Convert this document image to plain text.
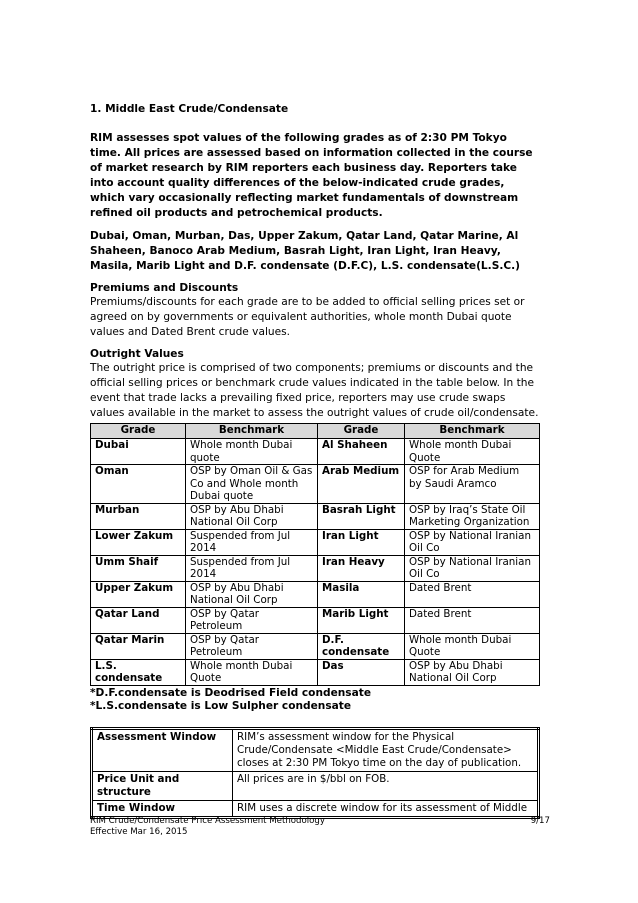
1. Middle East Crude/Condensate

RIM assesses spot values of the following grades as of 2:30 PM Tokyo time. All prices are assessed based on information collected in the course of market research by RIM reporters each business day. Reporters take into account quality differences of the below-indicated crude grades, which vary occasionally reflecting market fundamentals of downstream refined oil products and petrochemical products.

Dubai, Oman, Murban, Das, Upper Zakum, Qatar Land, Qatar Marine, Al Shaheen, Banoco Arab Medium, Basrah Light, Iran Light, Iran Heavy, Masila, Marib Light and D.F. condensate (D.F.C), L.S. condensate(L.S.C.)

Premiums and Discounts

Premiums/discounts for each grade are to be added to official selling prices set or agreed on by governments or equivalent authorities, whole month Dubai quote values and Dated Brent crude values.

Outright Values

The outright price is comprised of two components; premiums or discounts and the official selling prices or benchmark crude values indicated in the table below. In the event that trade lacks a prevailing fixed price, reporters may use crude swaps values available in the market to assess the outright values of crude oil/condensate.

Grade	Benchmark	Grade	Benchmark
Dubai	Whole month Dubai quote	Al Shaheen	Whole month Dubai Quote
Oman	OSP by Oman Oil & Gas Co and Whole month Dubai quote	Arab Medium	OSP for Arab Medium by Saudi Aramco
Murban	OSP by Abu Dhabi National Oil Corp	Basrah Light	OSP by Iraq’s State Oil Marketing Organization
Lower Zakum	Suspended from Jul 2014	Iran Light	OSP by National Iranian Oil Co
Umm Shaif	Suspended from Jul 2014	Iran Heavy	OSP by National Iranian Oil Co
Upper Zakum	OSP by Abu Dhabi National Oil Corp	Masila	Dated Brent
Qatar Land	OSP by Qatar Petroleum	Marib Light	Dated Brent
Qatar Marin	OSP by Qatar Petroleum	D.F. condensate	Whole month Dubai Quote
L.S. condensate	Whole month Dubai Quote	Das	OSP by Abu Dhabi National Oil Corp

*D.F.condensate is Deodrised Field condensate
*L.S.condensate is Low Sulpher condensate

Assessment Window	RIM’s assessment window for the Physical Crude/Condensate <Middle East Crude/Condensate> closes at 2:30 PM Tokyo time on the day of publication.
Price Unit and structure	All prices are in $/bbl on FOB.
Time Window	RIM uses a discrete window for its assessment of Middle
RIM Crude/Condensate Price Assessment Methodology
Effective Mar 16, 2015
9/17
